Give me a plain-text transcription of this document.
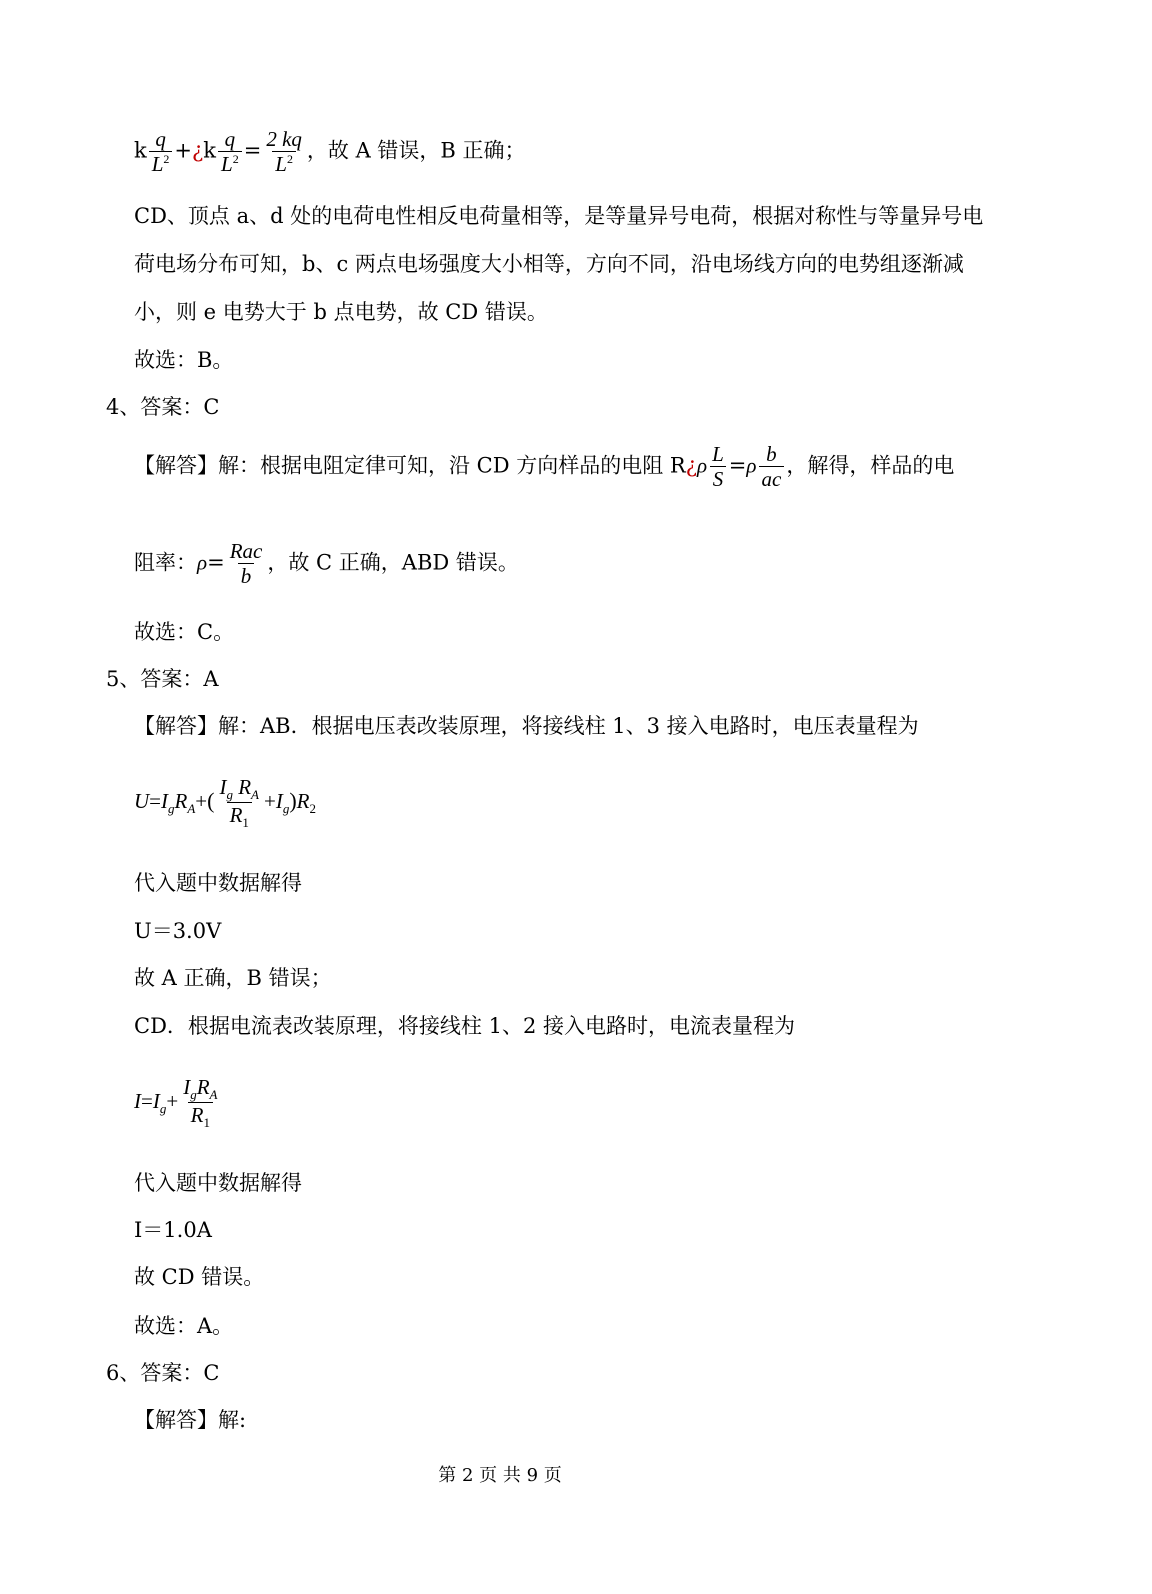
k $\frac{q}{L^2}$ +¿k $\frac{q}{L^2} = \frac{2 kq}{L^2}$ ，故 A 错误，B 正确；
CD、顶点 a、d 处的电荷电性相反电荷量相等，是等量异号电荷，根据对称性与等量异号电
荷电场分布可知，b、c 两点电场强度大小相等，方向不同，沿电场线方向的电势组逐渐减
小，则 e 电势大于 b 点电势，故 CD 错误。
故选：B。
4、答案：C
【解答】解：根据电阻定律可知，沿 CD 方向样品的电阻 R¿ρ $\frac{L}{S} =\rho \frac{b}{ac}$ ，解得，样品的电
阻率：$\rho= \frac{\text{Rac}}{b}$ ，故 C 正确，ABD 错误。
故选：C。
5、答案：A
【解答】解：AB．根据电压表改装原理，将接线柱 1、3 接入电路时，电压表量程为
$U=I_gR_A+( \frac{I_g R_A}{R_1} +I_g)R_2$
代入题中数据解得
U＝3.0V
故 A 正确，B 错误；
CD．根据电流表改装原理，将接线柱 1、2 接入电路时，电流表量程为
$I=I_g+ \frac{I_gR_A}{R_1}$
代入题中数据解得
I＝1.0A
故 CD 错误。
故选：A。
6、答案：C
【解答】解:
第 2 页 共 9 页
